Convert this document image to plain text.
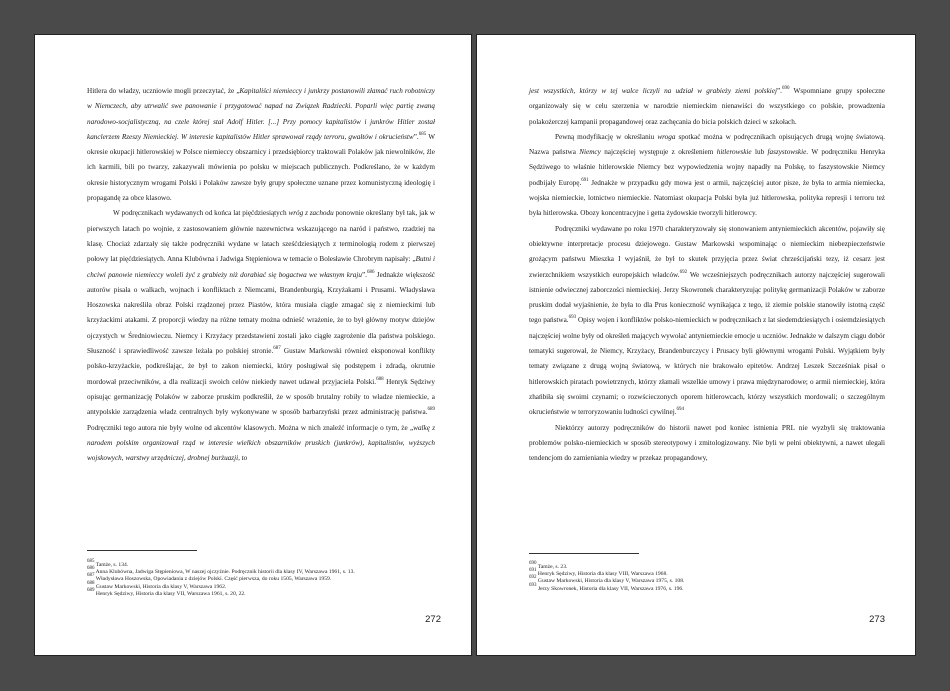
Hitlera do władzy, uczniowie mogli przeczytać, że „Kapitaliści niemieccy i junkrzy postanowili złamać ruch robotniczy w Niemczech, aby utrwalić swe panowanie i przygotować napad na Związek Radziecki. Poparli więc partię zwaną narodowo-socjalistyczną, na czele której stał Adolf Hitler. [...] Przy pomocy kapitalistów i junkrów Hitler został kanclerzem Rzeszy Niemieckiej. W interesie kapitalistów Hitler sprawował rządy terroru, gwałtów i okrucieństw”.$^{685}$ W okresie okupacji hitlerowskiej w Polsce niemieccy obszarnicy i przedsiębiorcy traktowali Polaków jak niewolników, źle ich karmili, bili po twarzy, zakazywali mówienia po polsku w miejscach publicznych. Podkreślano, że w każdym okresie historycznym wrogami Polski i Polaków zawsze były grupy społeczne uznane przez komunistyczną ideologię i propagandę za obce klasowo.

W podręcznikach wydawanych od końca lat pięćdziesiątych wróg z zachodu ponownie określany był tak, jak w pierwszych latach po wojnie, z zastosowaniem głównie nazewnictwa wskazującego na naród i państwo, rzadziej na klasę. Chociaż zdarzały się także podręczniki wydane w latach sześćdziesiątych z terminologią rodem z pierwszej połowy lat pięćdziesiątych. Anna Klubówna i Jadwiga Stępieniowa w temacie o Bolesławie Chrobrym napisały: „Butni i chciwi panowie niemieccy woleli żyć z grabieży niż dorabiać się bogactwa we własnym kraju”.$^{686}$ Jednakże większość autorów pisała o walkach, wojnach i konfliktach z Niemcami, Brandenburgią, Krzyżakami i Prusami. Władysława Hoszowska nakreśliła obraz Polski rządzonej przez Piastów, która musiała ciągle zmagać się z niemieckimi lub krzyżackimi atakami. Z proporcji wiedzy na różne tematy można odnieść wrażenie, że to był główny motyw dziejów ojczystych w Średniowieczu. Niemcy i Krzyżacy przedstawieni zostali jako ciągłe zagrożenie dla państwa polskiego. Słuszność i sprawiedliwość zawsze leżała po polskiej stronie.$^{687}$ Gustaw Markowski również eksponował konflikty polsko-krzyżackie, podkreślając, że był to zakon niemiecki, który posługiwał się podstępem i zdradą, okrutnie mordował przeciwników, a dla realizacji swoich celów niekiedy nawet udawał przyjaciela Polski.$^{688}$ Henryk Sędziwy opisując germanizację Polaków w zaborze pruskim podkreślił, że w sposób brutalny robiły to władze niemieckie, a antypolskie zarządzenia władz centralnych były wykonywane w sposób barbarzyński przez administrację państwa.$^{689}$ Podręczniki tego autora nie były wolne od akcentów klasowych. Można w nich znaleźć informacje o tym, że „walkę z narodem polskim organizował rząd w interesie wielkich obszarników pruskich (junkrów), kapitalistów, wyższych wojskowych, warstwy urzędniczej, drobnej burżuazji, to

$^{685}$ Tamże, s. 134.

$^{686}$ Anna Klubówna, Jadwiga Stępieniowa, W naszej ojczyźnie. Podręcznik historii dla klasy IV, Warszawa 1961, s. 13.

$^{687}$ Władysława Hoszowska, Opowiadania z dziejów Polski. Część pierwsza, do roku 1505, Warszawa 1959.

$^{688}$ Gustaw Markowski, Historia dla klasy V, Warszawa 1962.

$^{689}$ Henryk Sędziwy, Historia dla klasy VII, Warszawa 1961, s. 20, 22.

272

jest wszystkich, którzy w tej walce liczyli na udział w grabieży ziemi polskiej”.$^{690}$ Wspomniane grupy społeczne organizowały się w celu szerzenia w narodzie niemieckim nienawiści do wszystkiego co polskie, prowadzenia polakożerczej kampanii propagandowej oraz zachęcania do bicia polskich dzieci w szkołach.

Pewną modyfikację w określaniu wroga spotkać można w podręcznikach opisujących drugą wojnę światową. Nazwa państwa Niemcy najczęściej występuje z określeniem hitlerowskie lub faszystowskie. W podręczniku Henryka Sędziwego to właśnie hitlerowskie Niemcy bez wypowiedzenia wojny napadły na Polskę, to faszystowskie Niemcy podbijały Europę.$^{691}$ Jednakże w przypadku gdy mowa jest o armii, najczęściej autor pisze, że była to armia niemiecka, wojska niemieckie, lotnictwo niemieckie. Natomiast okupacja Polski była już hitlerowska, polityka represji i terroru też była hitlerowska. Obozy koncentracyjne i getta żydowskie tworzyli hitlerowcy.

Podręczniki wydawane po roku 1970 charakteryzowały się stonowaniem antyniemieckich akcentów, pojawiły się obiektywne interpretacje procesu dziejowego. Gustaw Markowski wspominając o niemieckim niebezpieczeństwie grożącym państwu Mieszka I wyjaśnił, że był to skutek przyjęcia przez świat chrześcijański tezy, iż cesarz jest zwierzchnikiem wszystkich europejskich władców.$^{692}$ We wcześniejszych podręcznikach autorzy najczęściej sugerowali istnienie odwiecznej zaborczości niemieckiej. Jerzy Skowronek charakteryzując politykę germanizacji Polaków w zaborze pruskim dodał wyjaśnienie, że była to dla Prus konieczność wynikająca z tego, iż ziemie polskie stanowiły istotną część tego państwa.$^{693}$ Opisy wojen i konfliktów polsko-niemieckich w podręcznikach z lat siedemdziesiątych i osiemdziesiątych najczęściej wolne były od określeń mających wywołać antyniemieckie emocje u uczniów. Jednakże w dalszym ciągu dobór tematyki sugerował, że Niemcy, Krzyżacy, Brandenburczycy i Prusacy byli głównymi wrogami Polski. Wyjątkiem były tematy związane z drugą wojną światową, w których nie brakowało epitetów. Andrzej Leszek Szcześniak pisał o hitlerowskich piratach powietrznych, którzy złamali wszelkie umowy i prawa międzynarodowe; o armii niemieckiej, która zhańbiła się swoimi czynami; o rozwścieczonych oporem hitlerowcach, którzy wszystkich mordowali; o szczególnym okrucieństwie w terroryzowaniu ludności cywilnej.$^{694}$

Niektórzy autorzy podręczników do historii nawet pod koniec istnienia PRL nie wyzbyli się traktowania problemów polsko-niemieckich w sposób stereotypowy i zmitologizowany. Nie byli w pełni obiektywni, a nawet ulegali tendencjom do zamieniania wiedzy w przekaz propagandowy,

$^{690}$ Tamże, s. 23.

$^{691}$ Henryk Sędziwy, Historia dla klasy VIII, Warszawa 1968.

$^{692}$ Gustaw Markowski, Historia dla klasy V, Warszawa 1975, s. 108.

$^{693}$ Jerzy Skowronek, Historia dla klasy VII, Warszawa 1976, s. 196.

273
